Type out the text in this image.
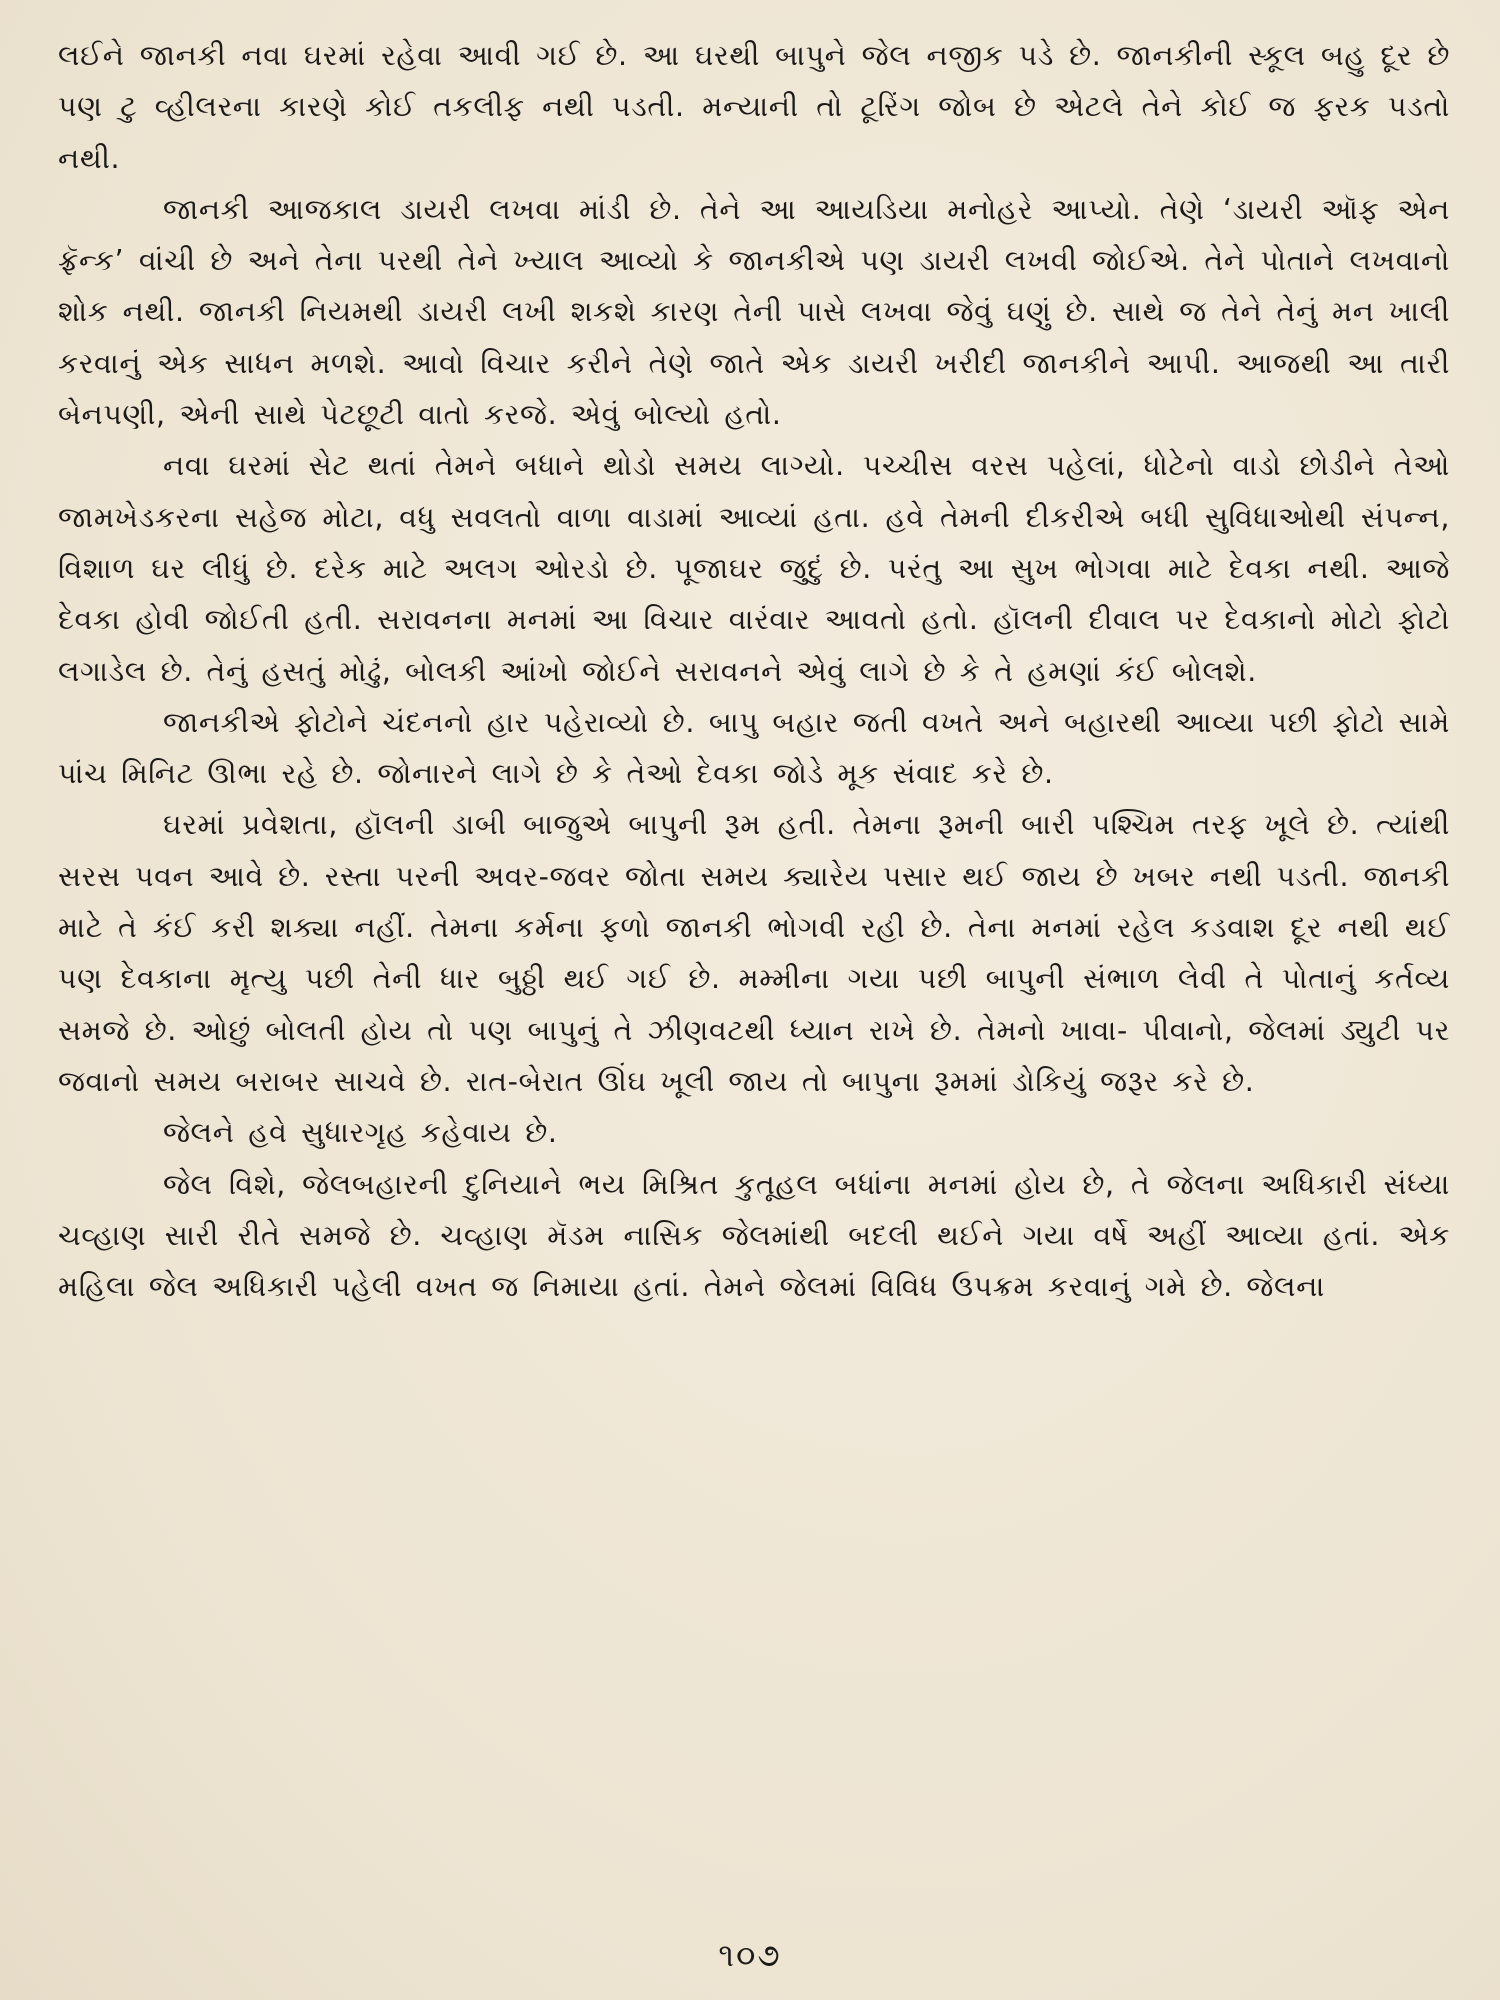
લઈને જાનકી નવા ઘરમાં રહેવા આવી ગઈ છે. આ ઘરથી બાપુને જેલ નજીક પડે છે. જાનકીની સ્કૂલ બહુ દૂર છે પણ ટુ વ્હીલરના કારણે કોઈ તકલીફ નથી પડતી. મન્યાની તો ટૂરિંગ જોબ છે એટલે તેને કોઈ જ ફરક પડતો નથી.

જાનકી આજકાલ ડાયરી લખવા માંડી છે. તેને આ આયડિયા મનોહરે આપ્યો. તેણે ‘ડાયરી ઑફ એન ફ્રૅન્ક’ વાંચી છે અને તેના પરથી તેને ખ્યાલ આવ્યો કે જાનકીએ પણ ડાયરી લખવી જોઈએ. તેને પોતાને લખવાનો શોક નથી. જાનકી નિયમથી ડાયરી લખી શકશે કારણ તેની પાસે લખવા જેવું ઘણું છે. સાથે જ તેને તેનું મન ખાલી કરવાનું એક સાધન મળશે. આવો વિચાર કરીને તેણે જાતે એક ડાયરી ખરીદી જાનકીને આપી. આજથી આ તારી બેનપણી, એની સાથે પેટછૂટી વાતો કરજે. એવું બોલ્યો હતો.

નવા ઘરમાં સેટ થતાં તેમને બધાને થોડો સમય લાગ્યો. પચ્ચીસ વરસ પહેલાં, ધોટેનો વાડો છોડીને તેઓ જામખેડકરના સહેજ મોટા, વધુ સવલતો વાળા વાડામાં આવ્યાં હતા. હવે તેમની દીકરીએ બધી સુવિધાઓથી સંપન્ન, વિશાળ ઘર લીધું છે. દરેક માટે અલગ ઓરડો છે. પૂજાઘર જુદું છે. પરંતુ આ સુખ ભોગવા માટે દેવકા નથી. આજે દેવકા હોવી જોઈતી હતી. સરાવનના મનમાં આ વિચાર વારંવાર આવતો હતો. હૉલની દીવાલ પર દેવકાનો મોટો ફોટો લગાડેલ છે. તેનું હસતું મોઢું, બોલકી આંખો જોઈને સરાવનને એવું લાગે છે કે તે હમણાં કંઈ બોલશે.

જાનકીએ ફોટોને ચંદનનો હાર પહેરાવ્યો છે. બાપુ બહાર જતી વખતે અને બહારથી આવ્યા પછી ફોટો સામે પાંચ મિનિટ ઊભા રહે છે. જોનારને લાગે છે કે તેઓ દેવકા જોડે મૂક સંવાદ કરે છે.

ઘરમાં પ્રવેશતા, હૉલની ડાબી બાજુએ બાપુની રૂમ હતી. તેમના રૂમની બારી પશ્ચિમ તરફ ખૂલે છે. ત્યાંથી સરસ પવન આવે છે. રસ્તા પરની અવર-જવર જોતા સમય ક્યારેય પસાર થઈ જાય છે ખબર નથી પડતી. જાનકી માટે તે કંઈ કરી શક્યા નહીં. તેમના કર્મના ફળો જાનકી ભોગવી રહી છે. તેના મનમાં રહેલ કડવાશ દૂર નથી થઈ પણ દેવકાના મૃત્યુ પછી તેની ધાર બુઠ્ઠી થઈ ગઈ છે. મમ્મીના ગયા પછી બાપુની સંભાળ લેવી તે પોતાનું કર્તવ્ય સમજે છે. ઓછું બોલતી હોય તો પણ બાપુનું તે ઝીણવટથી ધ્યાન રાખે છે. તેમનો ખાવા- પીવાનો, જેલમાં ડ્યુટી પર જવાનો સમય બરાબર સાચવે છે. રાત-બેરાત ઊંઘ ખૂલી જાય તો બાપુના રૂમમાં ડોકિયું જરૂર કરે છે.

જેલને હવે સુધારગૃહ કહેવાય છે.

જેલ વિશે, જેલબહારની દુનિયાને ભય મિશ્રિત કુતૂહલ બધાંના મનમાં હોય છે, તે જેલના અધિકારી સંધ્યા ચવ્હાણ સારી રીતે સમજે છે. ચવ્હાણ મૅડમ નાસિક જેલમાંથી બદલી થઈને ગયા વર્ષે અહીં આવ્યા હતાં. એક મહિલા જેલ અધિકારી પહેલી વખત જ નિમાયા હતાં. તેમને જેલમાં વિવિધ ઉપક્રમ કરવાનું ગમે છે. જેલના

૧૦૭
